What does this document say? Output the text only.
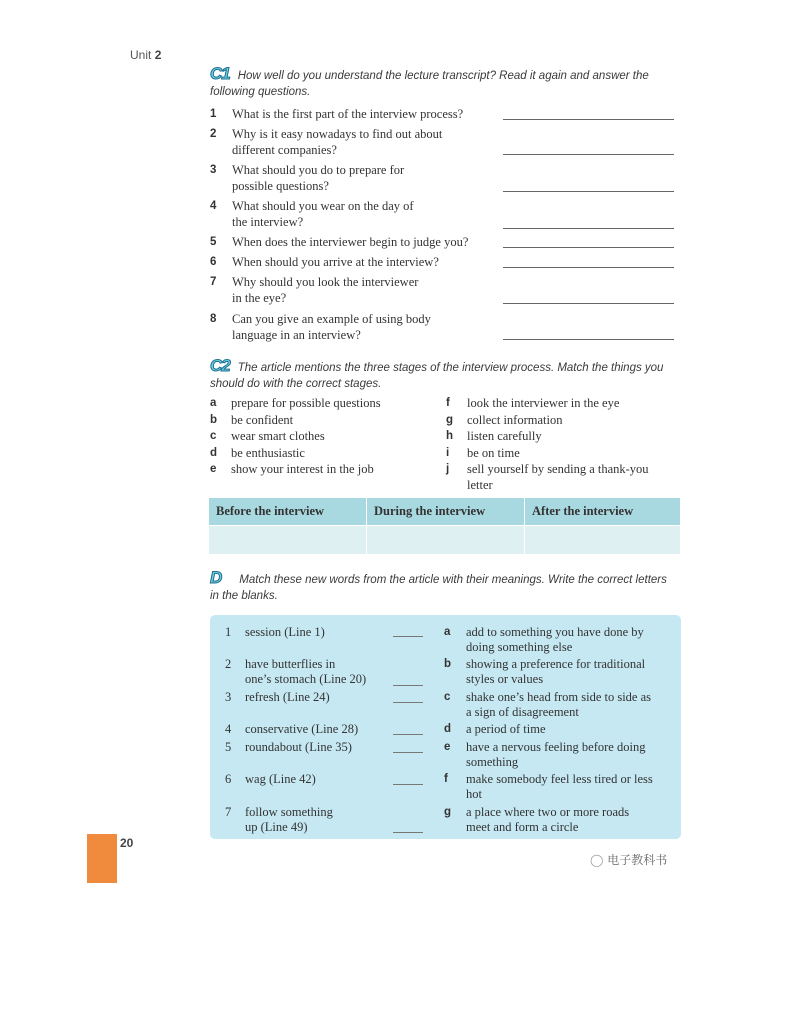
Unit 2
C1 How well do you understand the lecture transcript? Read it again and answer the
following questions.
1 What is the first part of the interview process?
2 Why is it easy nowadays to find out about
different companies?
3 What should you do to prepare for
possible questions?
4 What should you wear on the day of
the interview?
5 When does the interviewer begin to judge you?
6 When should you arrive at the interview?
7 Why should you look the interviewer
in the eye?
8 Can you give an example of using body
language in an interview?
C2 The article mentions the three stages of the interview process. Match the things you
should do with the correct stages.
a prepare for possible questions
b be confident
c wear smart clothes
d be enthusiastic
e show your interest in the job
f look the interviewer in the eye
g collect information
h listen carefully
i be on time
j sell yourself by sending a thank-you
letter
Before the interview	During the interview	After the interview

D Match these new words from the article with their meanings. Write the correct letters
in the blanks.
1 session (Line 1)
2 have butterflies in
one’s stomach (Line 20)
3 refresh (Line 24)
4 conservative (Line 28)
5 roundabout (Line 35)
6 wag (Line 42)
7 follow something
up (Line 49)
a add to something you have done by
doing something else
b showing a preference for traditional
styles or values
c shake one’s head from side to side as
a sign of disagreement
d a period of time
e have a nervous feeling before doing
something
f make somebody feel less tired or less
hot
g a place where two or more roads
meet and form a circle
20
◯ 电子教科书
